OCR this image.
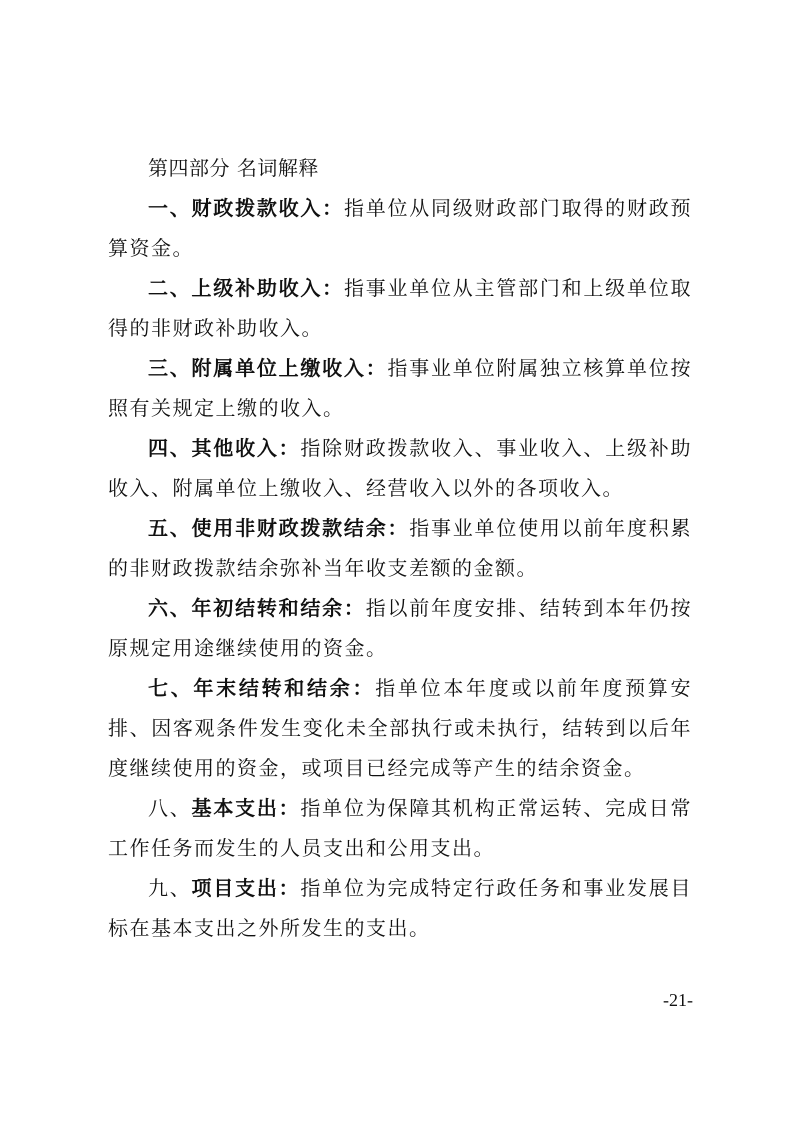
第四部分 名词解释

一、财政拨款收入：指单位从同级财政部门取得的财政预算资金。

二、上级补助收入：指事业单位从主管部门和上级单位取得的非财政补助收入。

三、附属单位上缴收入：指事业单位附属独立核算单位按照有关规定上缴的收入。

四、其他收入：指除财政拨款收入、事业收入、上级补助收入、附属单位上缴收入、经营收入以外的各项收入。

五、使用非财政拨款结余：指事业单位使用以前年度积累的非财政拨款结余弥补当年收支差额的金额。

六、年初结转和结余：指以前年度安排、结转到本年仍按原规定用途继续使用的资金。

七、年末结转和结余：指单位本年度或以前年度预算安排、因客观条件发生变化未全部执行或未执行，结转到以后年度继续使用的资金，或项目已经完成等产生的结余资金。

八、基本支出：指单位为保障其机构正常运转、完成日常工作任务而发生的人员支出和公用支出。

九、项目支出：指单位为完成特定行政任务和事业发展目标在基本支出之外所发生的支出。

-21-
